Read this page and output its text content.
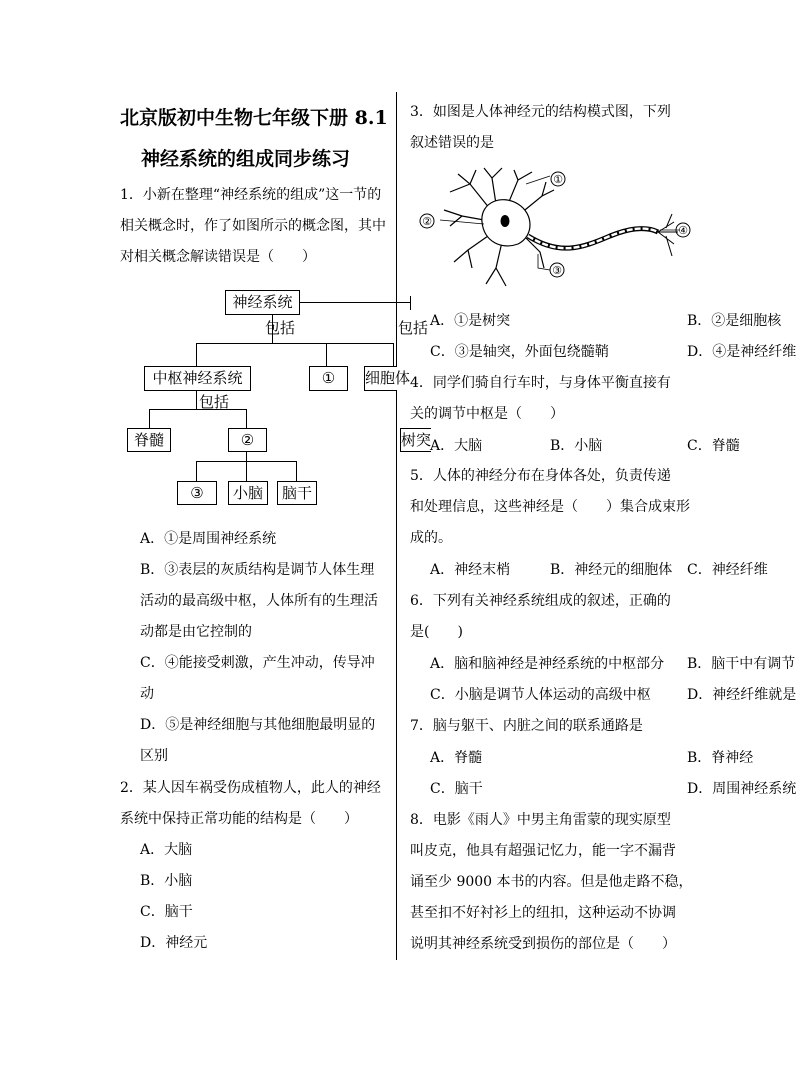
北京版初中生物七年级下册 8.1
神经系统的组成同步练习
1．小新在整理“神经系统的组成”这一节的
相关概念时，作了如图所示的概念图，其中
对相关概念解读错误是（　　）
神经系统
包括	包括
中枢神经系统	①	细胞体
包括
脊髓	②	树突
③	小脑	脑干
A．①是周围神经系统
B．③表层的灰质结构是调节人体生理
活动的最高级中枢，人体所有的生理活
动都是由它控制的
C．④能接受刺激，产生冲动，传导冲
动
D．⑤是神经细胞与其他细胞最明显的
区别
2．某人因车祸受伤成植物人，此人的神经
系统中保持正常功能的结构是（　　）
A．大脑
B．小脑
C．脑干
D．神经元
3．如图是人体神经元的结构模式图，下列
叙述错误的是
①
②
③
④
A．①是树突	B．②是细胞核
C．③是轴突，外面包绕髓鞘	D．④是神经纤维
4．同学们骑自行车时，与身体平衡直接有
关的调节中枢是（　　）
A．大脑	B．小脑	C．脊髓
5．人体的神经分布在身体各处，负责传递
和处理信息，这些神经是（　　）集合成束形
成的。
A．神经末梢	B．神经元的细胞体 C．神经纤维
6．下列有关神经系统组成的叙述，正确的
是(　　)
A．脑和脑神经是神经系统的中枢部分 B．脑干中有调节
C．小脑是调节人体运动的高级中枢	D．神经纤维就是
7．脑与躯干、内脏之间的联系通路是
A．脊髓	B．脊神经
C．脑干	D．周围神经系统
8．电影《雨人》中男主角雷蒙的现实原型
叫皮克，他具有超强记忆力，能一字不漏背
诵至少 9000 本书的内容。但是他走路不稳，
甚至扣不好衬衫上的纽扣，这种运动不协调
说明其神经系统受到损伤的部位是（　　）
